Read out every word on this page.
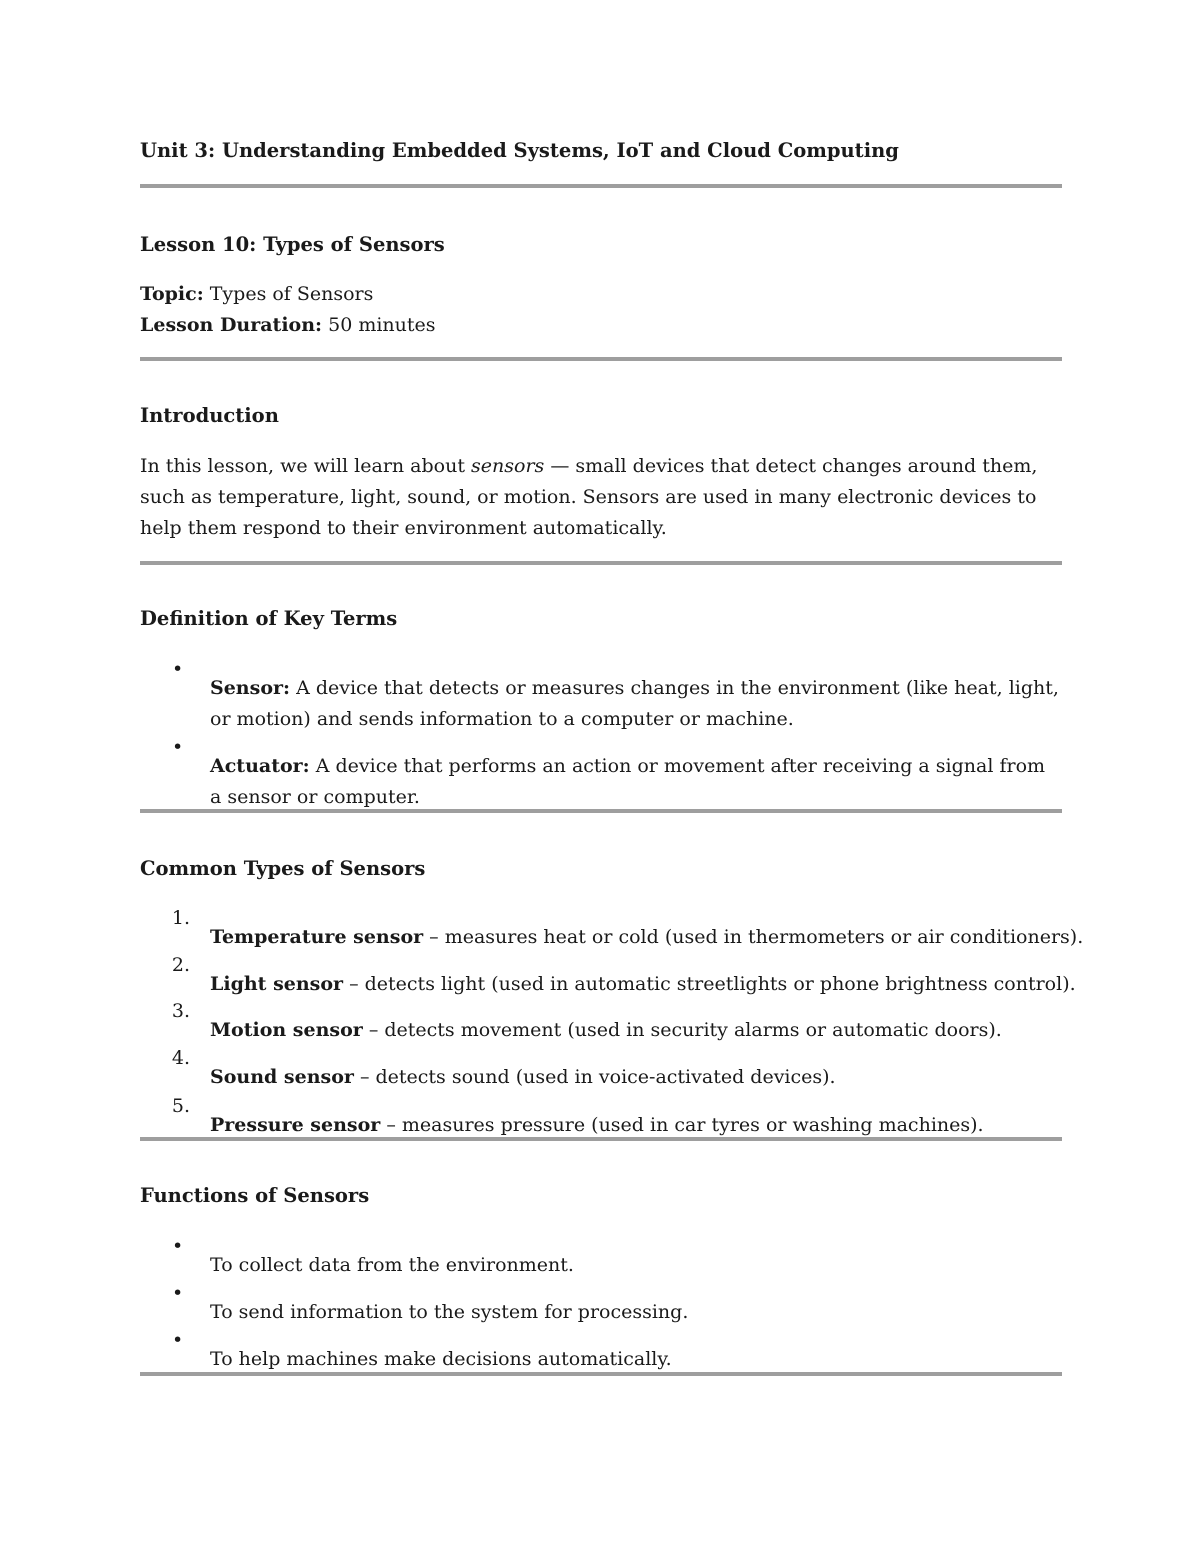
Unit 3: Understanding Embedded Systems, IoT and Cloud Computing

Lesson 10: Types of Sensors

Topic: Types of Sensors

Lesson Duration: 50 minutes

Introduction

In this lesson, we will learn about sensors — small devices that detect changes around them, such as temperature, light, sound, or motion. Sensors are used in many electronic devices to help them respond to their environment automatically.

Definition of Key Terms

•

Sensor: A device that detects or measures changes in the environment (like heat, light, or motion) and sends information to a computer or machine.

•

Actuator: A device that performs an action or movement after receiving a signal from a sensor or computer.

Common Types of Sensors

1.

Temperature sensor – measures heat or cold (used in thermometers or air conditioners).

2.

Light sensor – detects light (used in automatic streetlights or phone brightness control).

3.

Motion sensor – detects movement (used in security alarms or automatic doors).

4.

Sound sensor – detects sound (used in voice-activated devices).

5.

Pressure sensor – measures pressure (used in car tyres or washing machines).

Functions of Sensors

•

To collect data from the environment.

•

To send information to the system for processing.

•

To help machines make decisions automatically.
